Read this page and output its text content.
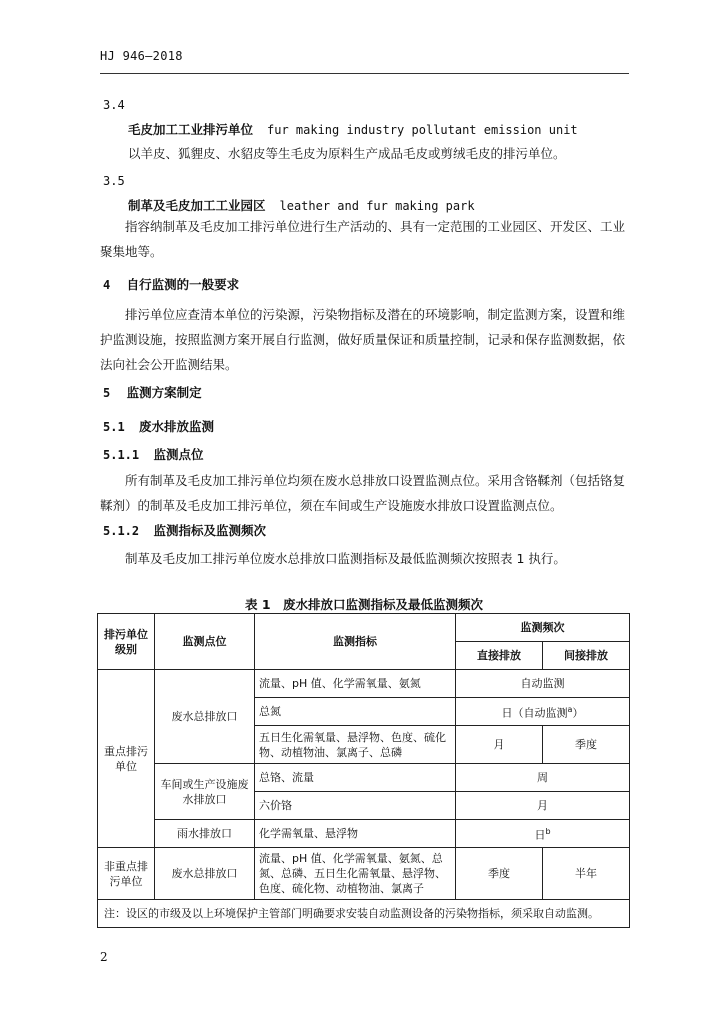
HJ 946—2018
3.4
毛皮加工工业排污单位 fur making industry pollutant emission unit
以羊皮、狐貍皮、水貂皮等生毛皮为原料生产成品毛皮或剪绒毛皮的排污单位。
3.5
制革及毛皮加工工业园区 leather and fur making park
指容纳制革及毛皮加工排污单位进行生产活动的、具有一定范围的工业园区、开发区、工业聚集地等。
4 自行监测的一般要求
排污单位应查清本单位的污染源，污染物指标及潜在的环境影响，制定监测方案，设置和维护监测设施，按照监测方案开展自行监测，做好质量保证和质量控制，记录和保存监测数据，依法向社会公开监测结果。
5 监测方案制定
5.1 废水排放监测
5.1.1 监测点位
所有制革及毛皮加工排污单位均须在废水总排放口设置监测点位。采用含铬鞣剂（包括铬复鞣剂）的制革及毛皮加工排污单位，须在车间或生产设施废水排放口设置监测点位。
5.1.2 监测指标及监测频次
制革及毛皮加工排污单位废水总排放口监测指标及最低监测频次按照表 1 执行。
表 1　废水排放口监测指标及最低监测频次
排污单位级别	监测点位	监测指标	监测频次	
			直接排放	间接排放
重点排污单位	废水总排放口	流量、pH 值、化学需氧量、氨氮	自动监测	
		总氮	日（自动监测$^a$）	
		五日生化需氧量、悬浮物、色度、硫化物、动植物油、氯离子、总磷	月	季度
	车间或生产设施废水排放口	总铬、流量	周	
		六价铬	月	
	雨水排放口	化学需氧量、悬浮物	日$^b$
非重点排污单位	废水总排放口	流量、pH 值、化学需氧量、氨氮、总氮、总磷、五日生化需氧量、悬浮物、色度、硫化物、动植物油、氯离子	季度	半年
注：设区的市级及以上环境保护主管部门明确要求安装自动监测设备的污染物指标，须采取自动监测。				
2
